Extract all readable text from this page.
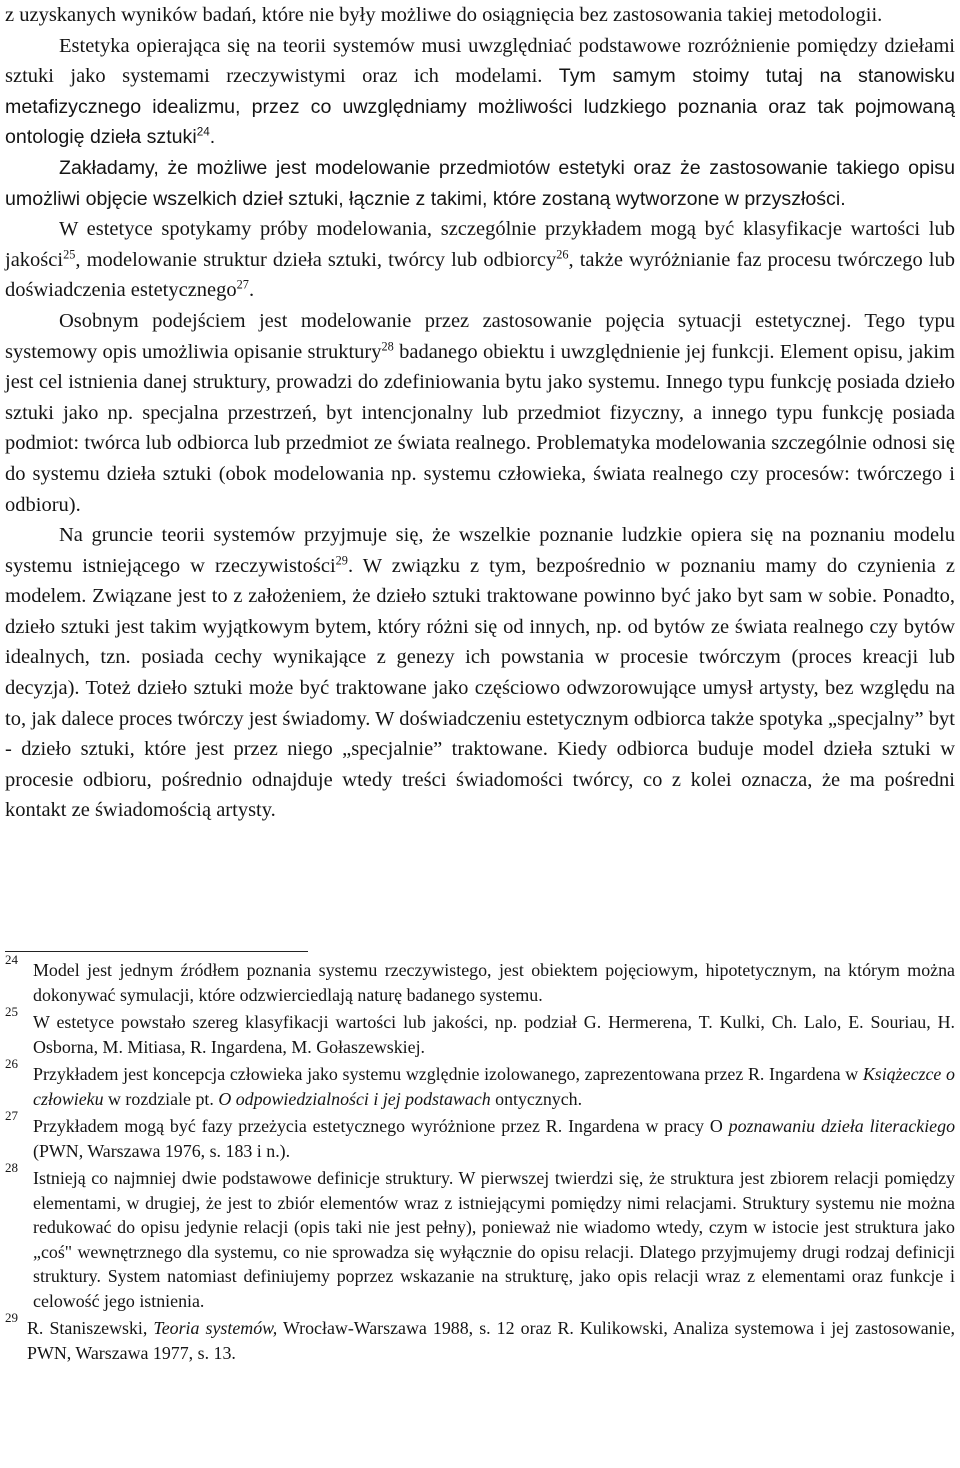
z uzyskanych wyników badań, które nie były możliwe do osiągnięcia bez zastosowania takiej metodologii.

Estetyka opierająca się na teorii systemów musi uwzględniać podstawowe rozróżnienie pomiędzy dziełami sztuki jako systemami rzeczywistymi oraz ich modelami. Tym samym stoimy tutaj na stanowisku metafizycznego idealizmu, przez co uwzględniamy możliwości ludzkiego poznania oraz tak pojmowaną ontologię dzieła sztuki$^{24}$.

Zakładamy, że możliwe jest modelowanie przedmiotów estetyki oraz że zastosowanie takiego opisu umożliwi objęcie wszelkich dzieł sztuki, łącznie z takimi, które zostaną wytworzone w przyszłości.

W estetyce spotykamy próby modelowania, szczególnie przykładem mogą być klasyfikacje wartości lub jakości$^{25}$, modelowanie struktur dzieła sztuki, twórcy lub odbiorcy$^{26}$, także wyróżnianie faz procesu twórczego lub doświadczenia estetycznego$^{27}$.

Osobnym podejściem jest modelowanie przez zastosowanie pojęcia sytuacji estetycznej. Tego typu systemowy opis umożliwia opisanie struktury$^{28}$ badanego obiektu i uwzględnienie jej funkcji. Element opisu, jakim jest cel istnienia danej struktury, prowadzi do zdefiniowania bytu jako systemu. Innego typu funkcję posiada dzieło sztuki jako np. specjalna przestrzeń, byt intencjonalny lub przedmiot fizyczny, a innego typu funkcję posiada podmiot: twórca lub odbiorca lub przedmiot ze świata realnego. Problematyka modelowania szczególnie odnosi się do systemu dzieła sztuki (obok modelowania np. systemu człowieka, świata realnego czy procesów: twórczego i odbioru).

Na gruncie teorii systemów przyjmuje się, że wszelkie poznanie ludzkie opiera się na poznaniu modelu systemu istniejącego w rzeczywistości$^{29}$. W związku z tym, bezpośrednio w poznaniu mamy do czynienia z modelem. Związane jest to z założeniem, że dzieło sztuki traktowane powinno być jako byt sam w sobie. Ponadto, dzieło sztuki jest takim wyjątkowym bytem, który różni się od innych, np. od bytów ze świata realnego czy bytów idealnych, tzn. posiada cechy wynikające z genezy ich powstania w procesie twórczym (proces kreacji lub decyzja). Toteż dzieło sztuki może być traktowane jako częściowo odwzorowujące umysł artysty, bez względu na to, jak dalece proces twórczy jest świadomy. W doświadczeniu estetycznym odbiorca także spotyka „specjalny” byt - dzieło sztuki, które jest przez niego „specjalnie” traktowane. Kiedy odbiorca buduje model dzieła sztuki w procesie odbioru, pośrednio odnajduje wtedy treści świadomości twórcy, co z kolei oznacza, że ma pośredni kontakt ze świadomością artysty.

24
Model jest jednym źródłem poznania systemu rzeczywistego, jest obiektem pojęciowym, hipotetycznym, na którym można dokonywać symulacji, które odzwierciedlają naturę badanego systemu.

25
W estetyce powstało szereg klasyfikacji wartości lub jakości, np. podział G. Hermerena, T. Kulki, Ch. Lalo, E. Souriau, H. Osborna, M. Mitiasa, R. Ingardena, M. Gołaszewskiej.

26
Przykładem jest koncepcja człowieka jako systemu względnie izolowanego, zaprezentowana przez R. Ingardena w Książeczce o człowieku w rozdziale pt. O odpowiedzialności i jej podstawach ontycznych.

27
Przykładem mogą być fazy przeżycia estetycznego wyróżnione przez R. Ingardena w pracy O poznawaniu dzieła literackiego (PWN, Warszawa 1976, s. 183 i n.).

28
Istnieją co najmniej dwie podstawowe definicje struktury. W pierwszej twierdzi się, że struktura jest zbiorem relacji pomiędzy elementami, w drugiej, że jest to zbiór elementów wraz z istniejącymi pomiędzy nimi relacjami. Struktury systemu nie można redukować do opisu jedynie relacji (opis taki nie jest pełny), ponieważ nie wiadomo wtedy, czym w istocie jest struktura jako „coś" wewnętrznego dla systemu, co nie sprowadza się wyłącznie do opisu relacji. Dlatego przyjmujemy drugi rodzaj definicji struktury. System natomiast definiujemy poprzez wskazanie na strukturę, jako opis relacji wraz z elementami oraz funkcje i celowość jego istnienia.

29
R. Staniszewski, Teoria systemów, Wrocław-Warszawa 1988, s. 12 oraz R. Kulikowski, Analiza systemowa i jej zastosowanie, PWN, Warszawa 1977, s. 13.
